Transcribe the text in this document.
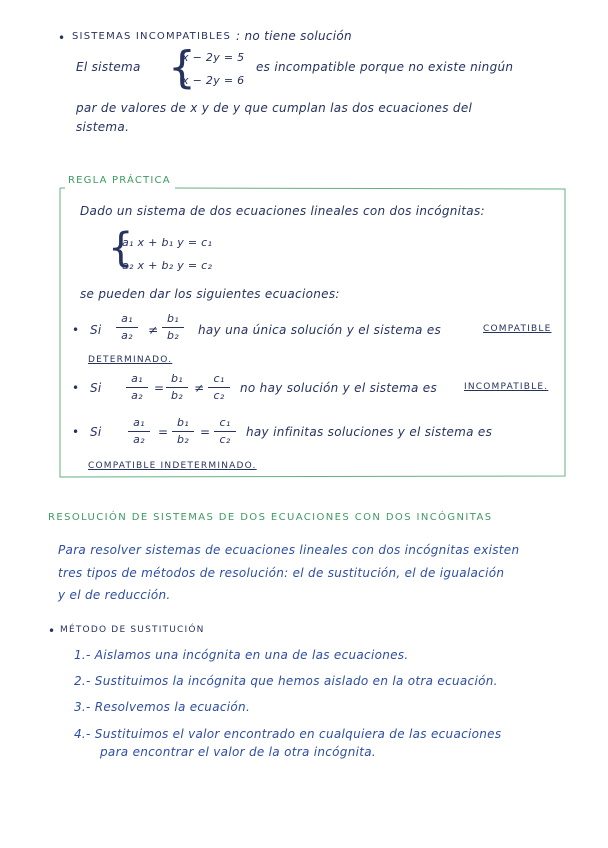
• SISTEMAS INCOMPATIBLES : no tiene solución
El sistema {
x − 2y = 5
x − 2y = 6
es incompatible porque no existe ningún
par de valores de x y de y que cumplan las dos ecuaciones del
sistema.
REGLA PRÁCTICA
Dado un sistema de dos ecuaciones lineales con dos incógnitas:
{
a₁ x + b₁ y = c₁
a₂ x + b₂ y = c₂
se pueden dar los siguientes ecuaciones:
• Si
a₁
a₂	≠
b₁
b₂	hay una única solución y el sistema es	COMPATIBLE
DETERMINADO.
• Si
a₁
a₂
=
b₁
b₂
≠
c₁
c₂
no hay solución y el sistema es	INCOMPATIBLE.
• Si
a₁
a₂
=
b₁
b₂
=
c₁
c₂
hay infinitas soluciones y el sistema es
COMPATIBLE INDETERMINADO.
RESOLUCIÓN DE SISTEMAS DE DOS ECUACIONES CON DOS INCÓGNITAS
Para resolver sistemas de ecuaciones lineales con dos incógnitas existen
tres tipos de métodos de resolución: el de sustitución, el de igualación
y el de reducción.
• MÉTODO DE SUSTITUCIÓN
1.- Aislamos una incógnita en una de las ecuaciones.
2.- Sustituimos la incógnita que hemos aislado en la otra ecuación.
3.- Resolvemos la ecuación.
4.- Sustituimos el valor encontrado en cualquiera de las ecuaciones
para encontrar el valor de la otra incógnita.
